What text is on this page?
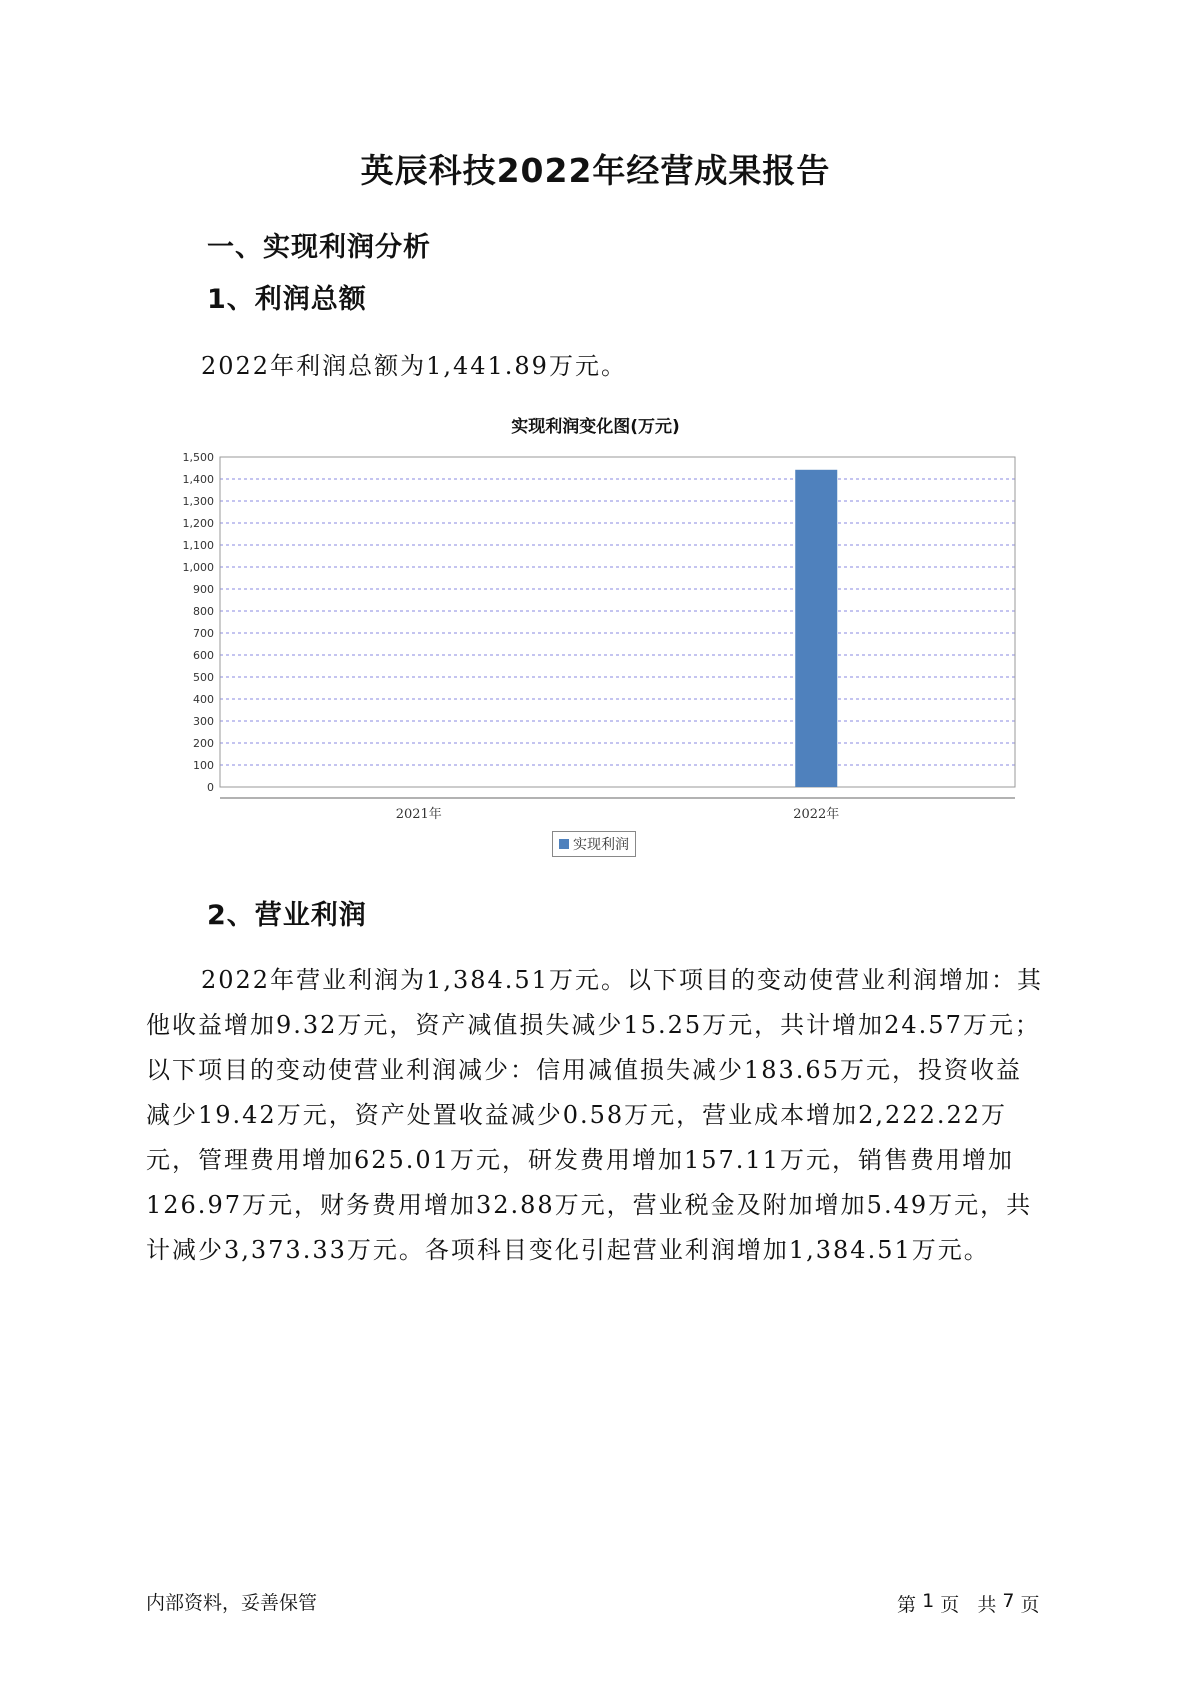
英辰科技2022年经营成果报告
一、实现利润分析
1、利润总额
2022年利润总额为1,441.89万元。
实现利润变化图(万元)
0
100
200
300
400
500
600
700
800
900
1,000
1,100
1,200
1,300
1,400
1,500
2021年	2022年
实现利润
2、营业利润
2022年营业利润为1,384.51万元。以下项目的变动使营业利润增加：其他收益增加9.32万元，资产减值损失减少15.25万元，共计增加24.57万元；以下项目的变动使营业利润减少：信用减值损失减少183.65万元，投资收益减少19.42万元，资产处置收益减少0.58万元，营业成本增加2,222.22万元，管理费用增加625.01万元，研发费用增加157.11万元，销售费用增加126.97万元，财务费用增加32.88万元，营业税金及附加增加5.49万元，共计减少3,373.33万元。各项科目变化引起营业利润增加1,384.51万元。
内部资料，妥善保管	第
1
页
共
7
页
